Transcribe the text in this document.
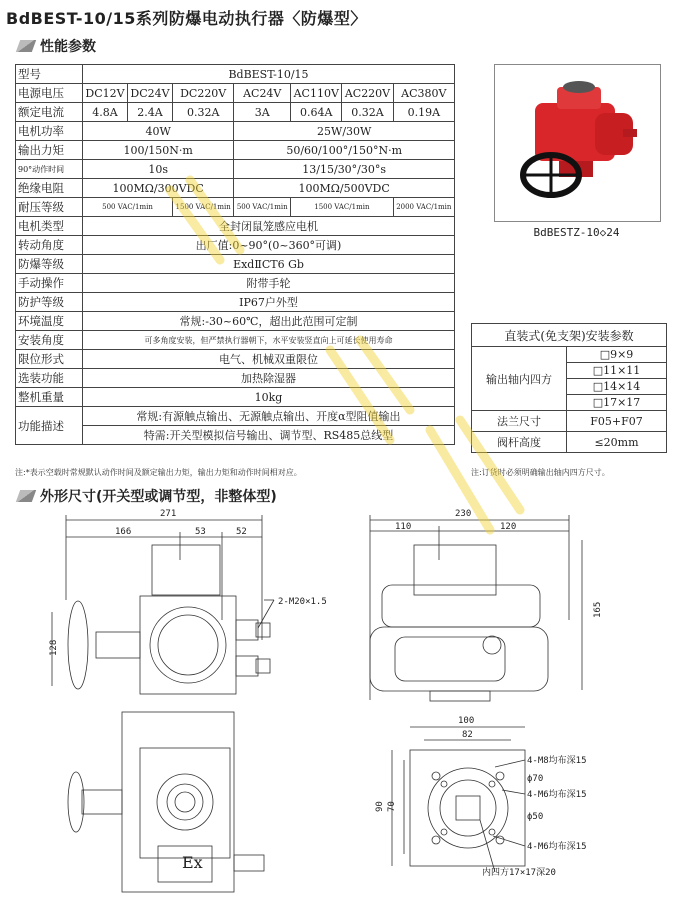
BdBEST-10/15系列防爆电动执行器〈防爆型〉
性能参数
型号	BdBEST-10/15						
电源电压	DC12V	DC24V	DC220V	AC24V	AC110V	AC220V	AC380V
额定电流	4.8A	2.4A	0.32A	3A	0.64A	0.32A	0.19A
电机功率	40W			25W/30W			
输出力矩	100/150N·m			50/60/100°/150°N·m			
90°动作时间	10s			13/15/30°/30°s			
绝缘电阻	100MΩ/300VDC			100MΩ/500VDC			
耐压等级	500 VAC/1min		1500 VAC/1min	500 VAC/1min	1500 VAC/1min		2000 VAC/1min
电机类型	全封闭鼠笼感应电机						
转动角度	出厂值:0~90°(0~360°可调)						
防爆等级	ExdⅡCT6 Gb						
手动操作	附带手轮						
防护等级	IP67户外型						
环境温度	常规:-30~60℃，超出此范围可定制						
安装角度	可多角度安装，但严禁执行器朝下，水平安装竖直向上可延长使用寿命						
限位形式	电气、机械双重限位						
选装功能	加热除湿器						
整机重量	10kg						
功能描述	常规:有源触点输出、无源触点输出、开度α型阻值输出						
	特需:开关型模拟信号输出、调节型、RS485总线型						
注:*表示空载时常规默认动作时间及额定输出力矩，输出力矩和动作时间相对应。	注:订货时必须明确输出轴内四方尺寸。
BdBESTZ-10◇24
直装式(免支架)安装参数	
输出轴内四方	□9×9
	□11×11
	□14×14
	□17×17
法兰尺寸	F05+F07
阀杆高度	≤20mm
外形尺寸(开关型或调节型，非整体型)
271
166	53	52
128
2-M20×1.5
Ex
230
110	120
165
100
82
90 70
4-M8均布深15
ϕ70
4-M6均布深15
ϕ50
4-M6均布深15
内四方17×17深20
